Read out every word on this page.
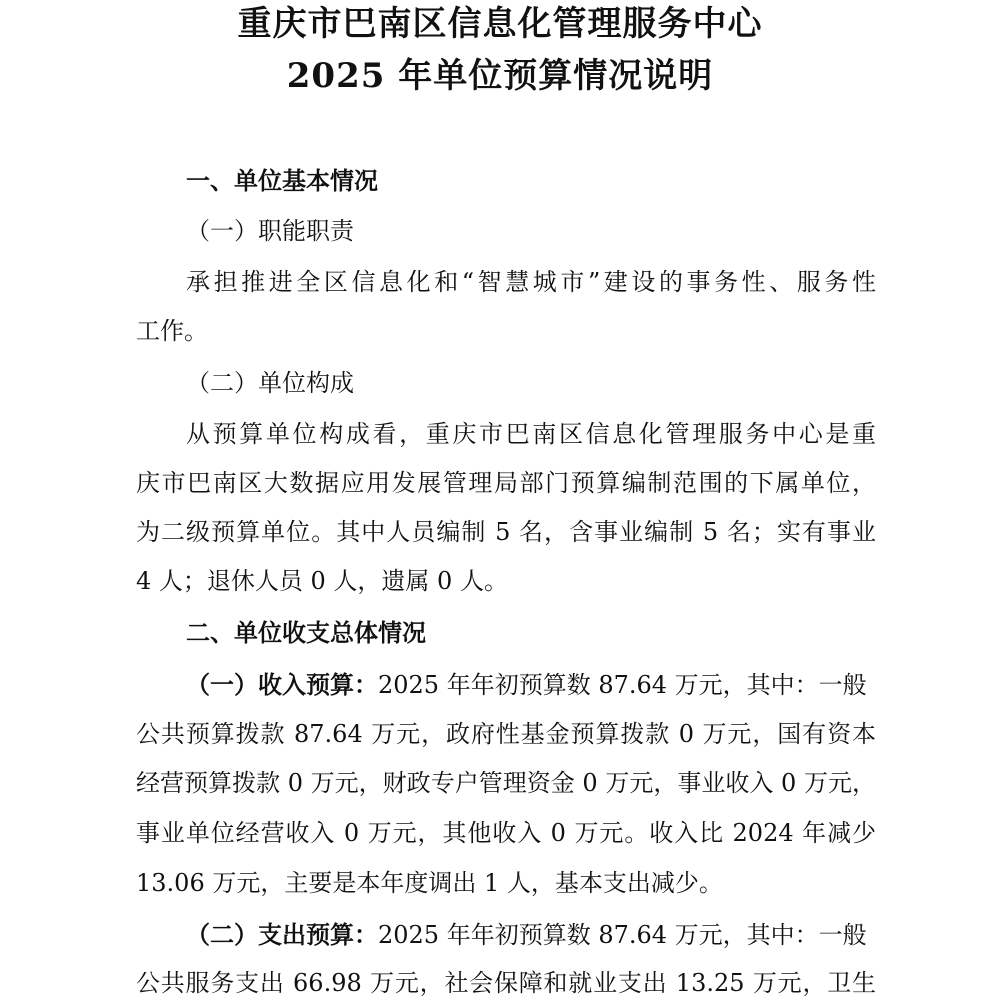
重庆市巴南区信息化管理服务中心
2025 年单位预算情况说明
一、单位基本情况
（一）职能职责
承担推进全区信息化和“智慧城市”建设的事务性、服务性
工作。
（二）单位构成
从预算单位构成看，重庆市巴南区信息化管理服务中心是重
庆市巴南区大数据应用发展管理局部门预算编制范围的下属单位，
为二级预算单位。其中人员编制 5 名，含事业编制 5 名；实有事业
4 人；退休人员 0 人，遗属 0 人。
二、单位收支总体情况
（一）收入预算：2025 年年初预算数 87.64 万元，其中：一般
公共预算拨款 87.64 万元，政府性基金预算拨款 0 万元，国有资本
经营预算拨款 0 万元，财政专户管理资金 0 万元，事业收入 0 万元，
事业单位经营收入 0 万元，其他收入 0 万元。收入比 2024 年减少
13.06 万元，主要是本年度调出 1 人，基本支出减少。
（二）支出预算：2025 年年初预算数 87.64 万元，其中：一般
公共服务支出 66.98 万元，社会保障和就业支出 13.25 万元，卫生
